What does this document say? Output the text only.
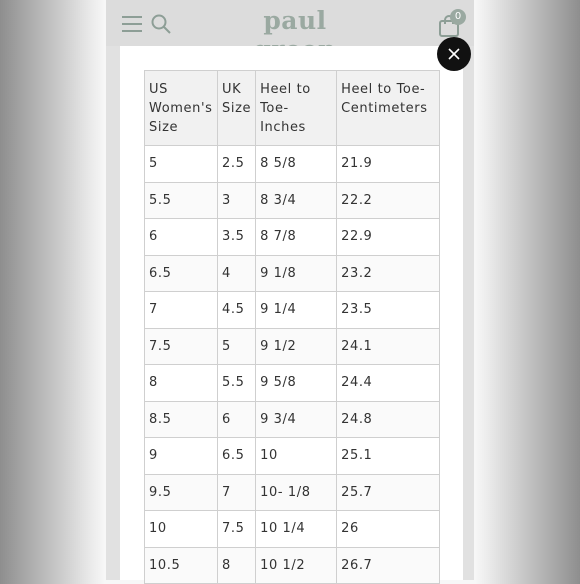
paul	0
US Women's Size	UK Size	Heel to Toe- Inches	Heel to Toe- Centimeters
5	2.5	8 5/8	21.9
5.5	3	8 3/4	22.2
6	3.5	8 7/8	22.9
6.5	4	9 1/8	23.2
7	4.5	9 1/4	23.5
7.5	5	9 1/2	24.1
8	5.5	9 5/8	24.4
8.5	6	9 3/4	24.8
9	6.5	10	25.1
9.5	7	10- 1/8	25.7
10	7.5	10 1/4	26
10.5	8	10 1/2	26.7
